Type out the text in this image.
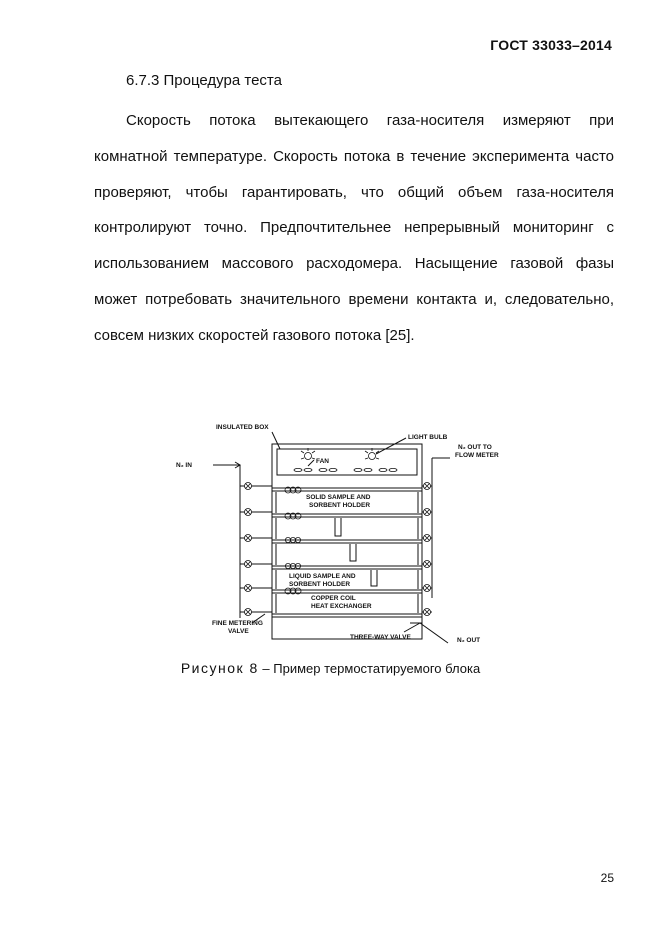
ГОСТ 33033–2014
6.7.3 Процедура теста

Скорость потока вытекающего газа-носителя измеряют при комнатной температуре. Скорость потока в течение эксперимента часто проверяют, чтобы гарантировать, что общий объем газа-носителя контролируют точно. Предпочтительнее непрерывный мониторинг с использованием массового расходомера. Насыщение газовой фазы может потребовать значительного времени контакта и, следовательно, совсем низких скоростей газового потока [25].

INSULATED BOX
LIGHT BULB
N₂ OUT TO
FLOW METER
N₂ IN
FAN
SOLID SAMPLE AND
SORBENT HOLDER
LIQUID SAMPLE AND
SORBENT HOLDER
COPPER COIL
HEAT EXCHANGER
FINE METERING
VALVE
THREE-WAY VALVE	N₂ OUT
Рисунок 8 – Пример термостатируемого блока
25
